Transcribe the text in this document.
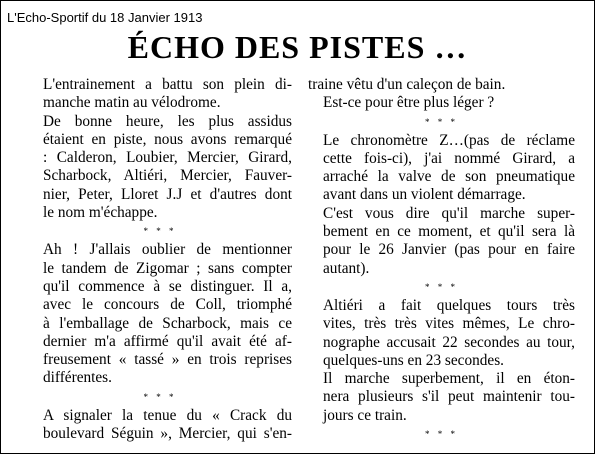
L'Echo-Sportif du 18 Janvier 1913
ÉCHO DES PISTES …

L'entrainement a battu son plein di-
manche matin au vélodrome.

De bonne heure, les plus assidus
étaient en piste, nous avons remarqué
: Calderon, Loubier, Mercier, Girard,
Scharbock, Altiéri, Mercier, Fauver-
nier, Peter, Lloret J.J et d'autres dont
le nom m'échappe.

* * *

Ah ! J'allais oublier de mentionner
le tandem de Zigomar ; sans compter
qu'il commence à se distinguer. Il a,
avec le concours de Coll, triomphé
à l'emballage de Scharbock, mais ce
dernier m'a affirmé qu'il avait été af-
freusement « tassé » en trois reprises
différentes.

* * *

A signaler la tenue du « Crack du
boulevard Séguin », Mercier, qui s'en-

traine vêtu d'un caleçon de bain.

Est-ce pour être plus léger ?

* * *

Le chronomètre Z…(pas de réclame
cette fois-ci), j'ai nommé Girard, a
arraché la valve de son pneumatique
avant dans un violent démarrage.

C'est vous dire qu'il marche super-
bement en ce moment, et qu'il sera là
pour le 26 Janvier (pas pour en faire
autant).

* * *

Altiéri a fait quelques tours très
vites, très très vites mêmes, Le chro-
nographe accusait 22 secondes au tour,
quelques-uns en 23 secondes.

Il marche superbement, il en éton-
nera plusieurs s'il peut maintenir tou-
jours ce train.

* * *
